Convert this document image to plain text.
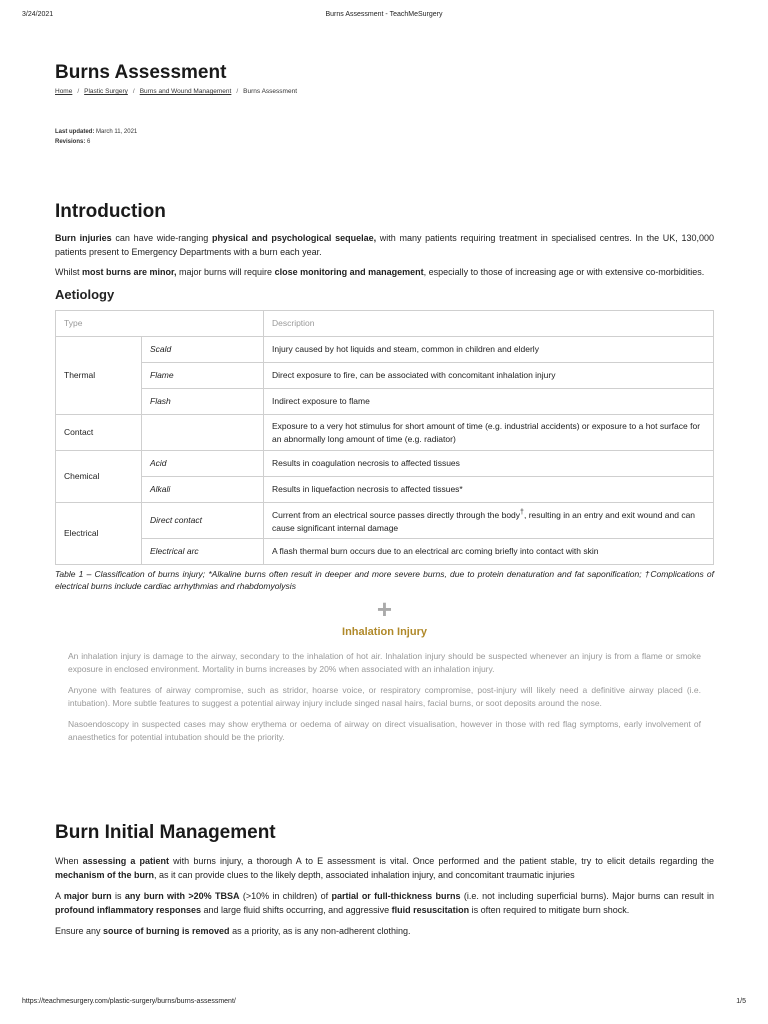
3/24/2021	Burns Assessment - TeachMeSurgery
Burns Assessment
Home / Plastic Surgery / Burns and Wound Management / Burns Assessment
Last updated: March 11, 2021
Revisions: 6
Introduction

Burn injuries can have wide-ranging physical and psychological sequelae, with many patients requiring treatment in specialised centres. In the UK, 130,000 patients present to Emergency Departments with a burn each year.

Whilst most burns are minor, major burns will require close monitoring and management, especially to those of increasing age or with extensive co-morbidities.

Aetiology
Type		Description
Thermal	Scald	Injury caused by hot liquids and steam, common in children and elderly
	Flame	Direct exposure to fire, can be associated with concomitant inhalation injury
	Flash	Indirect exposure to flame
Contact		Exposure to a very hot stimulus for short amount of time (e.g. industrial accidents) or exposure to a hot surface for an abnormally long amount of time (e.g. radiator)
Chemical	Acid	Results in coagulation necrosis to affected tissues
	Alkali	Results in liquefaction necrosis to affected tissues*
Electrical	Direct contact	Current from an electrical source passes directly through the body†, resulting in an entry and exit wound and can cause significant internal damage
	Electrical arc	A flash thermal burn occurs due to an electrical arc coming briefly into contact with skin

Table 1 – Classification of burns injury; *Alkaline burns often result in deeper and more severe burns, due to protein denaturation and fat saponification; †Complications of electrical burns include cardiac arrhythmias and rhabdomyolysis

+
Inhalation Injury

An inhalation injury is damage to the airway, secondary to the inhalation of hot air. Inhalation injury should be suspected whenever an injury is from a flame or smoke exposure in enclosed environment. Mortality in burns increases by 20% when associated with an inhalation injury.

Anyone with features of airway compromise, such as stridor, hoarse voice, or respiratory compromise, post-injury will likely need a definitive airway placed (i.e. intubation). More subtle features to suggest a potential airway injury include singed nasal hairs, facial burns, or soot deposits around the nose.

Nasoendoscopy in suspected cases may show erythema or oedema of airway on direct visualisation, however in those with red flag symptoms, early involvement of anaesthetics for potential intubation should be the priority.

Burn Initial Management

When assessing a patient with burns injury, a thorough A to E assessment is vital. Once performed and the patient stable, try to elicit details regarding the mechanism of the burn, as it can provide clues to the likely depth, associated inhalation injury, and concomitant traumatic injuries

A major burn is any burn with >20% TBSA (>10% in children) of partial or full-thickness burns (i.e. not including superficial burns). Major burns can result in profound inflammatory responses and large fluid shifts occurring, and aggressive fluid resuscitation is often required to mitigate burn shock.

Ensure any source of burning is removed as a priority, as is any non-adherent clothing.

https://teachmesurgery.com/plastic-surgery/burns/burns-assessment/	1/5
